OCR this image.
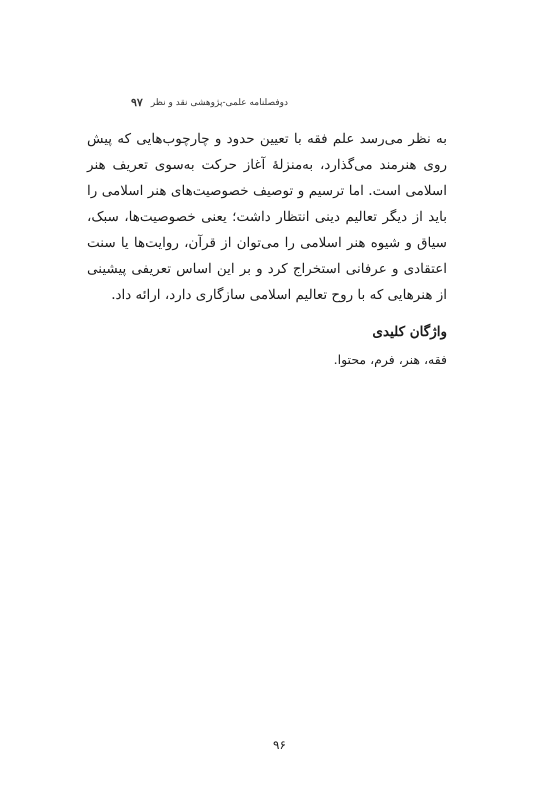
۹۷ دوفصلنامه علمی-پژوهشی نقد و نظر

به نظر می‌رسد علم فقه با تعیین حدود و چارچوب‌هایی که پیش روی هنرمند می‌گذارد، به‌منزلهٔ آغاز حرکت به‌سوی تعریف هنر اسلامی است. اما ترسیم و توصیف خصوصیت‌های هنر اسلامی را باید از دیگر تعالیم دینی انتظار داشت؛ یعنی خصوصیت‌ها، سبک، سیاق و شیوه هنر اسلامی را می‌توان از قرآن، روایت‌ها یا سنت اعتقادی و عرفانی استخراج کرد و بر این اساس تعریفی پیشینی از هنرهایی که با روح تعالیم اسلامی سازگاری دارد، ارائه داد.

واژگان کلیدی
فقه، هنر، فرم، محتوا.
۹۶
